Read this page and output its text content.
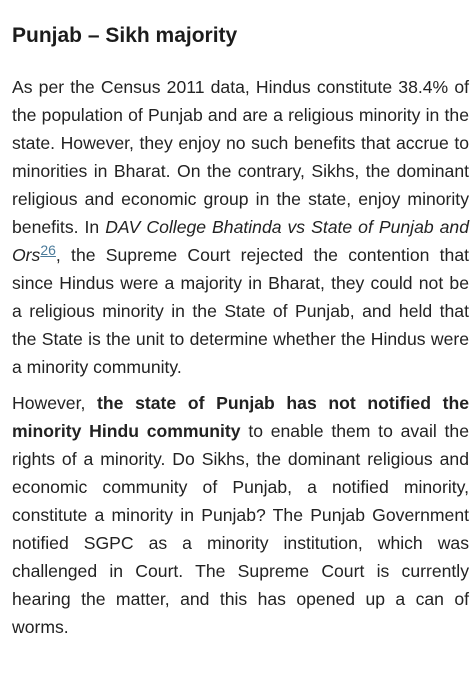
Punjab – Sikh majority

As per the Census 2011 data, Hindus constitute 38.4% of the population of Punjab and are a religious minority in the state. However, they enjoy no such benefits that accrue to minorities in Bharat. On the contrary, Sikhs, the dominant religious and economic group in the state, enjoy minority benefits. In DAV College Bhatinda vs State of Punjab and Ors$^{26}$, the Supreme Court rejected the contention that since Hindus were a majority in Bharat, they could not be a religious minority in the State of Punjab, and held that the State is the unit to determine whether the Hindus were a minority community.

However, the state of Punjab has not notified the minority Hindu community to enable them to avail the rights of a minority. Do Sikhs, the dominant religious and economic community of Punjab, a notified minority, constitute a minority in Punjab? The Punjab Government notified SGPC as a minority institution, which was challenged in Court. The Supreme Court is currently hearing the matter, and this has opened up a can of worms.
